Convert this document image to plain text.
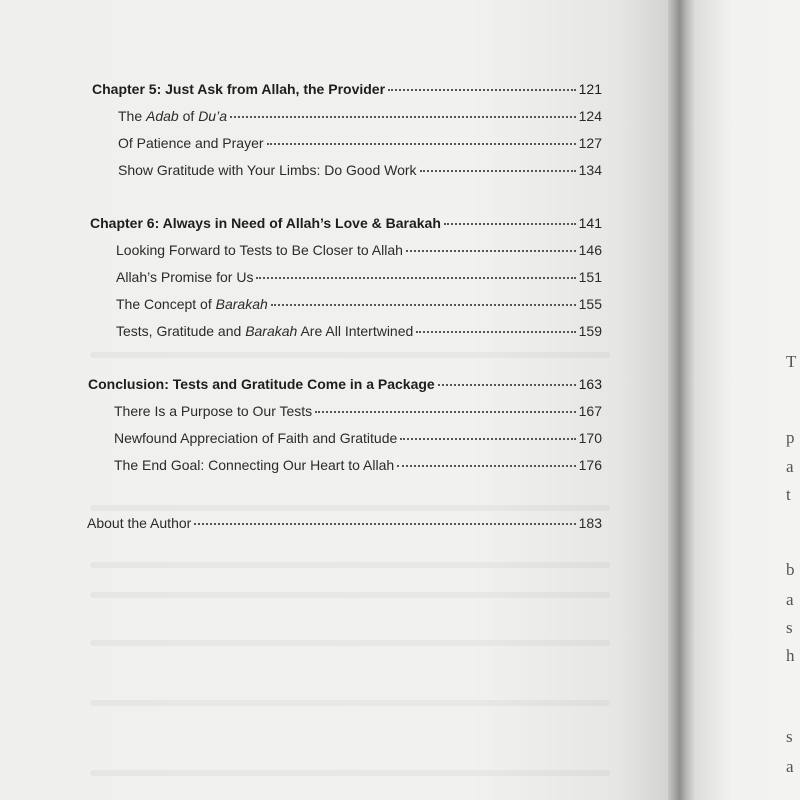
T
p
a
t
b
a
s
h
s
a
Chapter 5: Just Ask from Allah, the Provider	121
The Adab of Du’a	124
Of Patience and Prayer	127
Show Gratitude with Your Limbs: Do Good Work	134
Chapter 6: Always in Need of Allah’s Love & Barakah	141
Looking Forward to Tests to Be Closer to Allah	146
Allah’s Promise for Us	151
The Concept of Barakah	155
Tests, Gratitude and Barakah Are All Intertwined	159
Conclusion: Tests and Gratitude Come in a Package	163
There Is a Purpose to Our Tests	167
Newfound Appreciation of Faith and Gratitude	170
The End Goal: Connecting Our Heart to Allah	176
About the Author	183
